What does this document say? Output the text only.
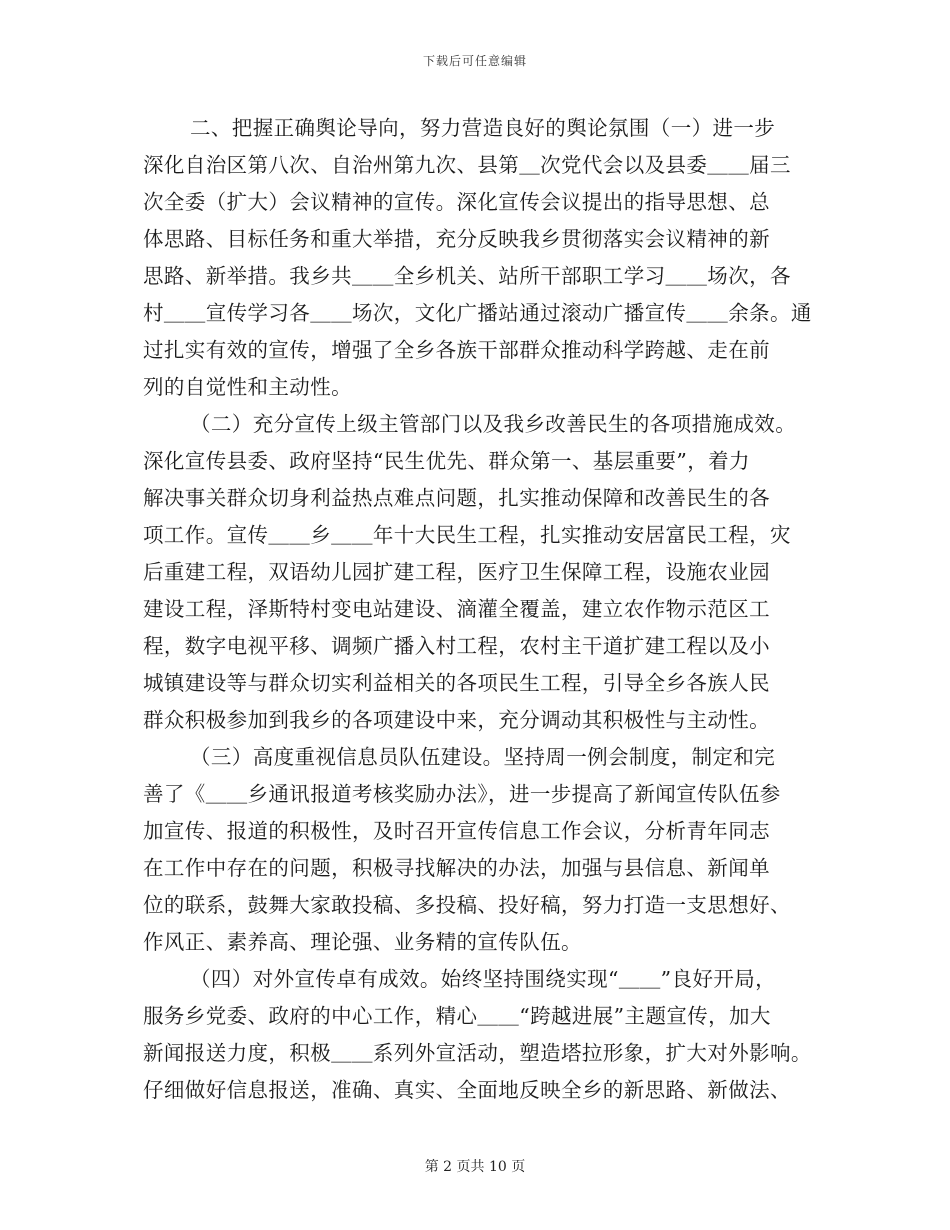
下载后可任意编辑
二、把握正确舆论导向，努力营造良好的舆论氛围（一）进一步
深化自治区第八次、自治州第九次、县第＿次党代会以及县委＿＿届三
次全委（扩大）会议精神的宣传。深化宣传会议提出的指导思想、总
体思路、目标任务和重大举措，充分反映我乡贯彻落实会议精神的新
思路、新举措。我乡共＿＿全乡机关、站所干部职工学习＿＿场次，各
村＿＿宣传学习各＿＿场次，文化广播站通过滚动广播宣传＿＿余条。通
过扎实有效的宣传，增强了全乡各族干部群众推动科学跨越、走在前
列的自觉性和主动性。
（二）充分宣传上级主管部门以及我乡改善民生的各项措施成效。
深化宣传县委、政府坚持“民生优先、群众第一、基层重要”，着力
解决事关群众切身利益热点难点问题，扎实推动保障和改善民生的各
项工作。宣传＿＿乡＿＿年十大民生工程，扎实推动安居富民工程，灾
后重建工程，双语幼儿园扩建工程，医疗卫生保障工程，设施农业园
建设工程，泽斯特村变电站建设、滴灌全覆盖，建立农作物示范区工
程，数字电视平移、调频广播入村工程，农村主干道扩建工程以及小
城镇建设等与群众切实利益相关的各项民生工程，引导全乡各族人民
群众积极参加到我乡的各项建设中来，充分调动其积极性与主动性。
（三）高度重视信息员队伍建设。坚持周一例会制度，制定和完
善了《＿＿乡通讯报道考核奖励办法》，进一步提高了新闻宣传队伍参
加宣传、报道的积极性，及时召开宣传信息工作会议，分析青年同志
在工作中存在的问题，积极寻找解决的办法，加强与县信息、新闻单
位的联系，鼓舞大家敢投稿、多投稿、投好稿，努力打造一支思想好、
作风正、素养高、理论强、业务精的宣传队伍。
（四）对外宣传卓有成效。始终坚持围绕实现“＿＿”良好开局，
服务乡党委、政府的中心工作，精心＿＿“跨越进展”主题宣传，加大
新闻报送力度，积极＿＿系列外宣活动，塑造塔拉形象，扩大对外影响。
仔细做好信息报送，准确、真实、全面地反映全乡的新思路、新做法、
第 2 页共 10 页
